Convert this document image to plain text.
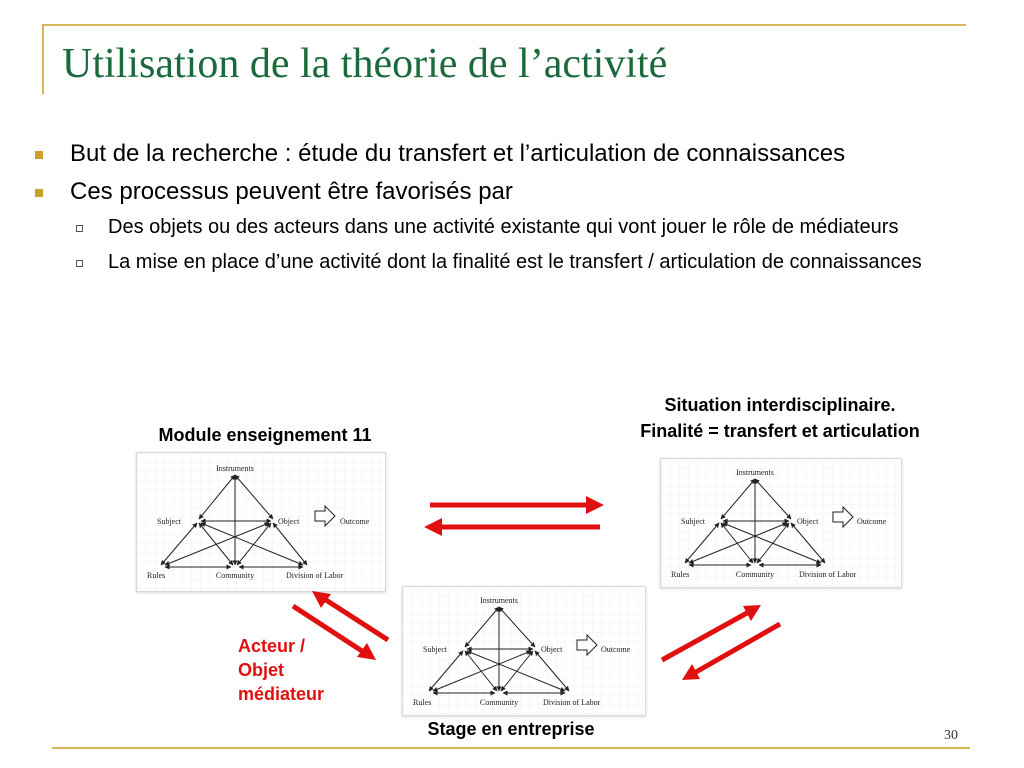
Utilisation de la théorie de l’activité
But de la recherche : étude du transfert et l’articulation de connaissances
Ces processus peuvent être favorisés par
Des objets ou des acteurs dans une activité existante qui vont jouer le rôle de médiateurs
La mise en place d’une activité dont la finalité est le transfert / articulation de connaissances
Module enseignement 11
Situation interdisciplinaire.
Finalité = transfert et articulation
Stage en entreprise
Acteur /
Objet
médiateur
Instruments
Subject	Object	Outcome
Rules	Community	Division of Labor
Instruments
Subject	Object	Outcome
Rules	Community	Division of Labor
Instruments
Subject	Object	Outcome
Rules	Community	Division of Labor
30
